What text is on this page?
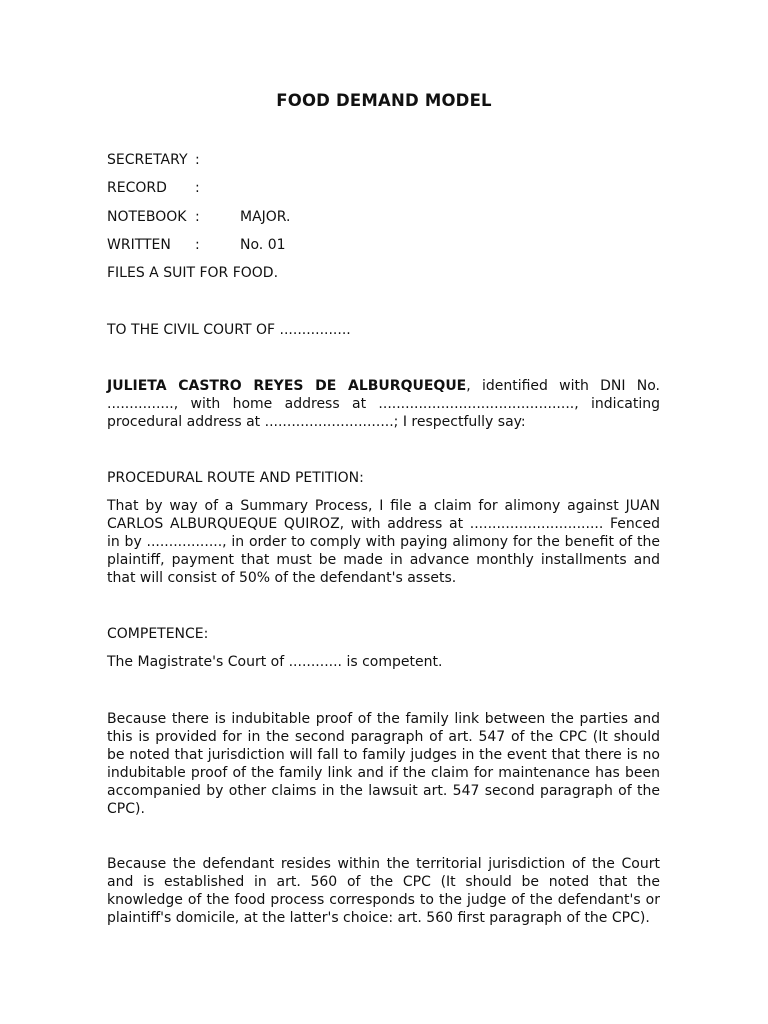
FOOD DEMAND MODEL
SECRETARY :
RECORD :
NOTEBOOK :	MAJOR.
WRITTEN :	No. 01
FILES A SUIT FOR FOOD.
TO THE CIVIL COURT OF ................
JULIETA CASTRO REYES DE ALBURQUEQUE, identified with DNI No. ..............., with home address at ............................................, indicating procedural address at .............................; I respectfully say:
PROCEDURAL ROUTE AND PETITION:
That by way of a Summary Process, I file a claim for alimony against JUAN CARLOS ALBURQUEQUE QUIROZ, with address at .............................. Fenced in by ................., in order to comply with paying alimony for the benefit of the plaintiff, payment that must be made in advance monthly installments and that will consist of 50% of the defendant's assets.
COMPETENCE:
The Magistrate's Court of ............ is competent.
Because there is indubitable proof of the family link between the parties and this is provided for in the second paragraph of art. 547 of the CPC (It should be noted that jurisdiction will fall to family judges in the event that there is no indubitable proof of the family link and if the claim for maintenance has been accompanied by other claims in the lawsuit art. 547 second paragraph of the CPC).
Because the defendant resides within the territorial jurisdiction of the Court and is established in art. 560 of the CPC (It should be noted that the knowledge of the food process corresponds to the judge of the defendant's or plaintiff's domicile, at the latter's choice: art. 560 first paragraph of the CPC).
